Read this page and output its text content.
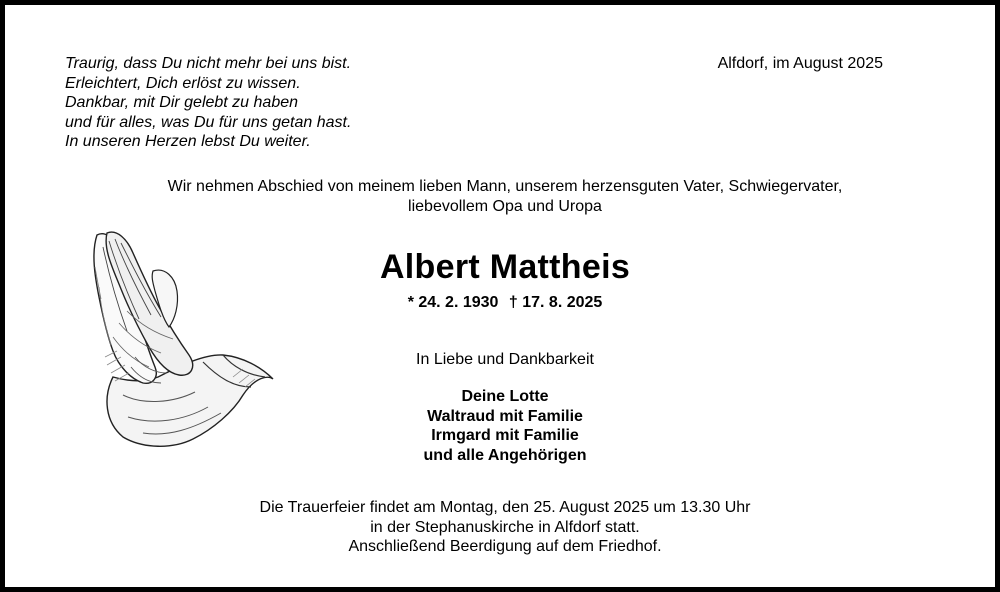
Traurig, dass Du nicht mehr bei uns bist.
Erleichtert, Dich erlöst zu wissen.
Dankbar, mit Dir gelebt zu haben
und für alles, was Du für uns getan hast.
In unseren Herzen lebst Du weiter.
Alfdorf, im August 2025
Wir nehmen Abschied von meinem lieben Mann, unserem herzensguten Vater, Schwiegervater,
liebevollem Opa und Uropa
Albert Mattheis
* 24. 2. 1930 † 17. 8. 2025
In Liebe und Dankbarkeit
Deine Lotte
Waltraud mit Familie
Irmgard mit Familie
und alle Angehörigen
Die Trauerfeier findet am Montag, den 25. August 2025 um 13.30 Uhr
in der Stephanuskirche in Alfdorf statt.
Anschließend Beerdigung auf dem Friedhof.
